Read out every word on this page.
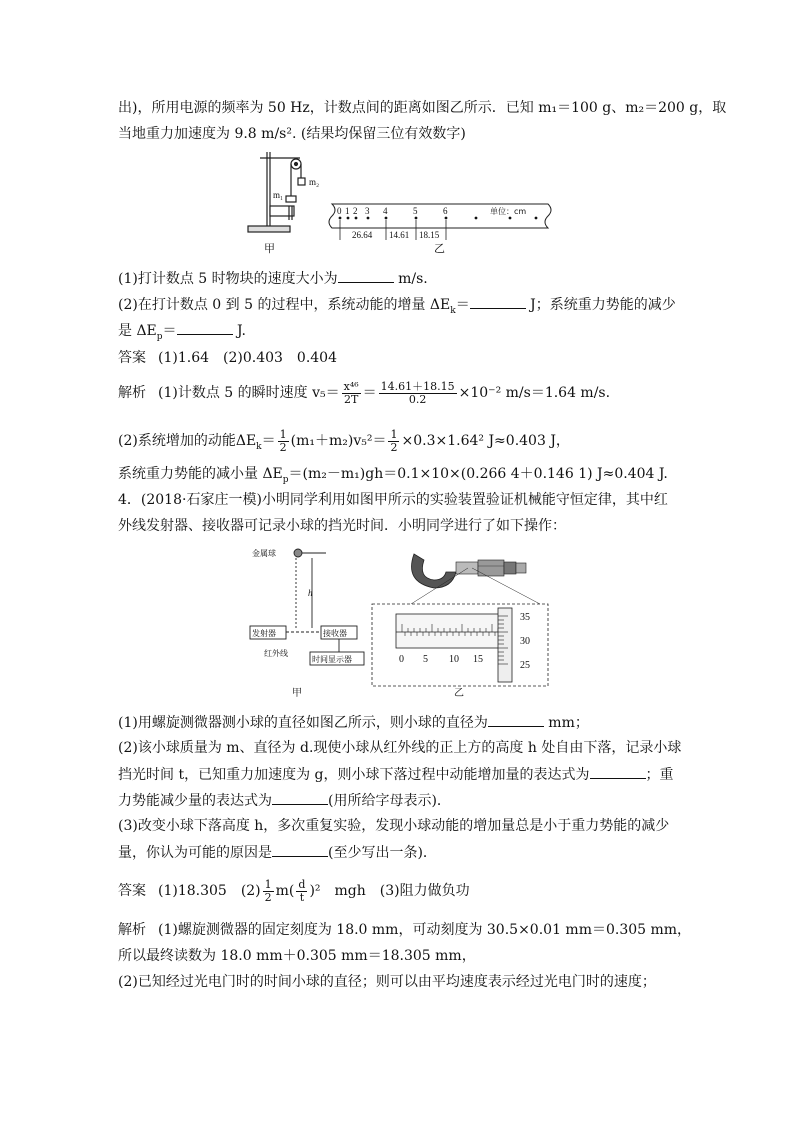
出)，所用电源的频率为 50 Hz，计数点间的距离如图乙所示．已知 m₁＝100 g、m₂＝200 g，取
当地重力加速度为 9.8 m/s². (结果均保留三位有效数字)
m₂
m₁
甲
0 1 2 3 4	5	6	单位：cm
26.64 14.61 18.15
乙
(1)打计数点 5 时物块的速度大小为	m/s.
(2)在打计数点 0 到 5 的过程中，系统动能的增量 $\Delta E_k=$	J；系统重力势能的减少
是 $\Delta E_p=$	J.
答案 (1)1.64　(2)0.403　0.404
解析 (1)计数点 5 的瞬时速度 $v_5= \frac{\text{x⁴⁶}}{2T} = \frac{14.61+18.15}{0.2} \times 10^{-2}$ m/s＝1.64 m/s.
(2)系统增加的动能$\Delta E_k= \frac{1}{2} (m_1+m_2)v_5^2= \frac{1}{2} \times 0.3\times 1.64^2$ J≈0.403 J，
系统重力势能的减小量 $\Delta E_p=(m_2-m_1)gh=0.1\times 10\times(0.266$ 4＋0.146 1) J≈0.404 J.
4．(2018·石家庄一模)小明同学利用如图甲所示的实验装置验证机械能守恒定律，其中红
外线发射器、接收器可记录小球的挡光时间．小明同学进行了如下操作：
金属球
发射器	接收器
红外线
时间显示器
甲	乙
h
0 5 10 15
35
30
25
(1)用螺旋测微器测小球的直径如图乙所示，则小球的直径为	mm；
(2)该小球质量为 m、直径为 d.现使小球从红外线的正上方的高度 h 处自由下落，记录小球
挡光时间 t，已知重力加速度为 g，则小球下落过程中动能增加量的表达式为	；重
力势能减少量的表达式为	(用所给字母表示)．
(3)改变小球下落高度 h，多次重复实验，发现小球动能的增加量总是小于重力势能的减少
量，你认为可能的原因是	(至少写出一条)．
答案 (1)18.305　$(2) \frac{1}{2} m( \frac{d}{t} )^2$　mgh　(3)阻力做负功
解析 (1)螺旋测微器的固定刻度为 18.0 mm，可动刻度为 30.5×0.01 mm＝0.305 mm，
所以最终读数为 18.0 mm＋0.305 mm＝18.305 mm，
(2)已知经过光电门时的时间小球的直径；则可以由平均速度表示经过光电门时的速度；
